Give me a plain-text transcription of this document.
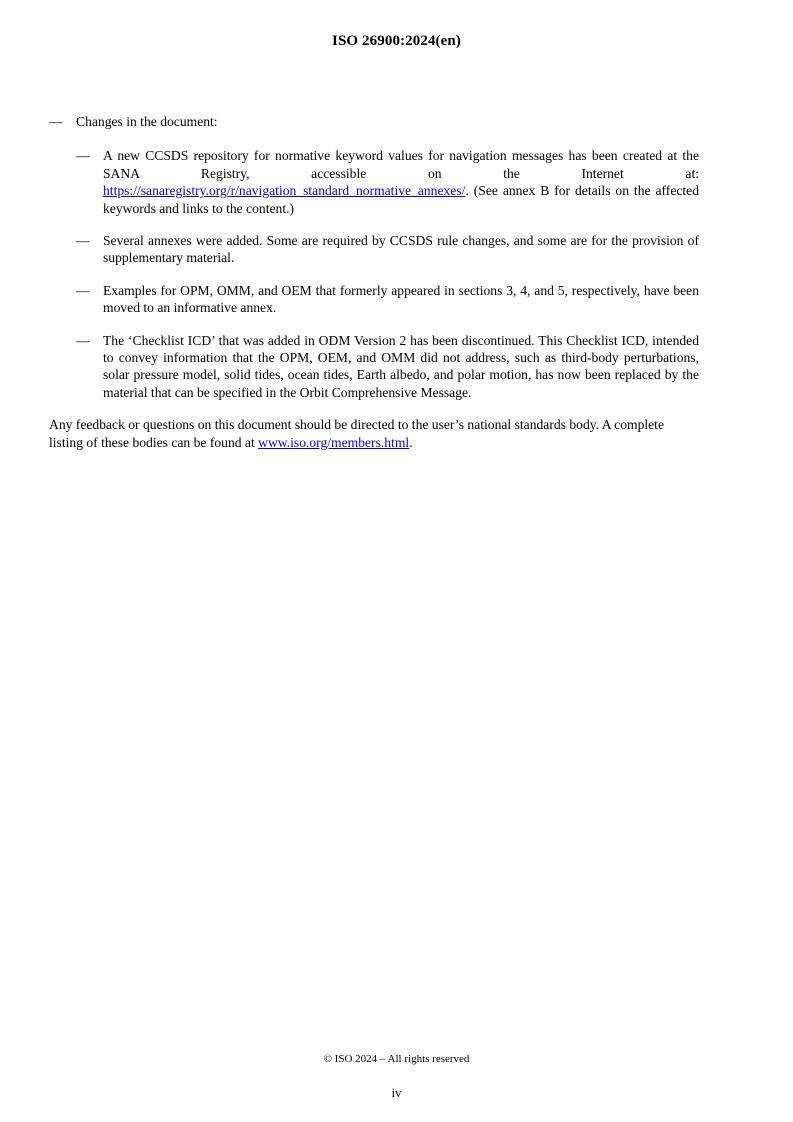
ISO 26900:2024(en)
— Changes in the document:
— A new CCSDS repository for normative keyword values for navigation messages has been created at the SANA Registry, accessible on the Internet at: https://sanaregistry.org/r/navigation_standard_normative_annexes/. (See annex B for details on the affected keywords and links to the content.)
— Several annexes were added. Some are required by CCSDS rule changes, and some are for the provision of supplementary material.
— Examples for OPM, OMM, and OEM that formerly appeared in sections 3, 4, and 5, respectively, have been moved to an informative annex.
— The ‘Checklist ICD’ that was added in ODM Version 2 has been discontinued. This Checklist ICD, intended to convey information that the OPM, OEM, and OMM did not address, such as third-body perturbations, solar pressure model, solid tides, ocean tides, Earth albedo, and polar motion, has now been replaced by the material that can be specified in the Orbit Comprehensive Message.
Any feedback or questions on this document should be directed to the user’s national standards body. A complete listing of these bodies can be found at www.iso.org/members.html.
© ISO 2024 – All rights reserved
iv
